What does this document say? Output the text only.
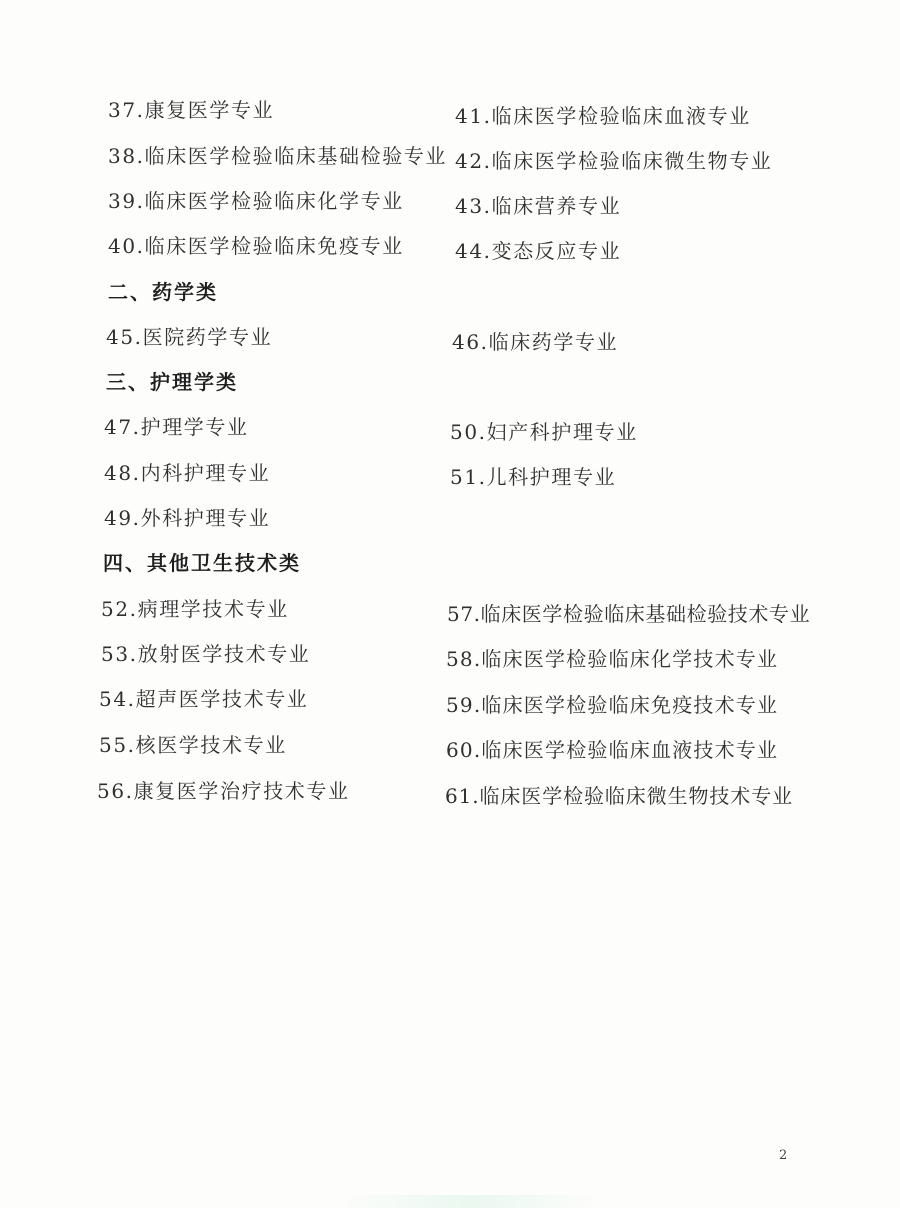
37.康复医学专业
38.临床医学检验临床基础检验专业
39.临床医学检验临床化学专业
40.临床医学检验临床免疫专业
41.临床医学检验临床血液专业
42.临床医学检验临床微生物专业
43.临床营养专业
44.变态反应专业
二、药学类
45.医院药学专业	46.临床药学专业
三、护理学类
47.护理学专业
48.内科护理专业
49.外科护理专业
50.妇产科护理专业
51.儿科护理专业
四、其他卫生技术类
52.病理学技术专业
53.放射医学技术专业
54.超声医学技术专业
55.核医学技术专业
56.康复医学治疗技术专业
57.临床医学检验临床基础检验技术专业
58.临床医学检验临床化学技术专业
59.临床医学检验临床免疫技术专业
60.临床医学检验临床血液技术专业
61.临床医学检验临床微生物技术专业
2
